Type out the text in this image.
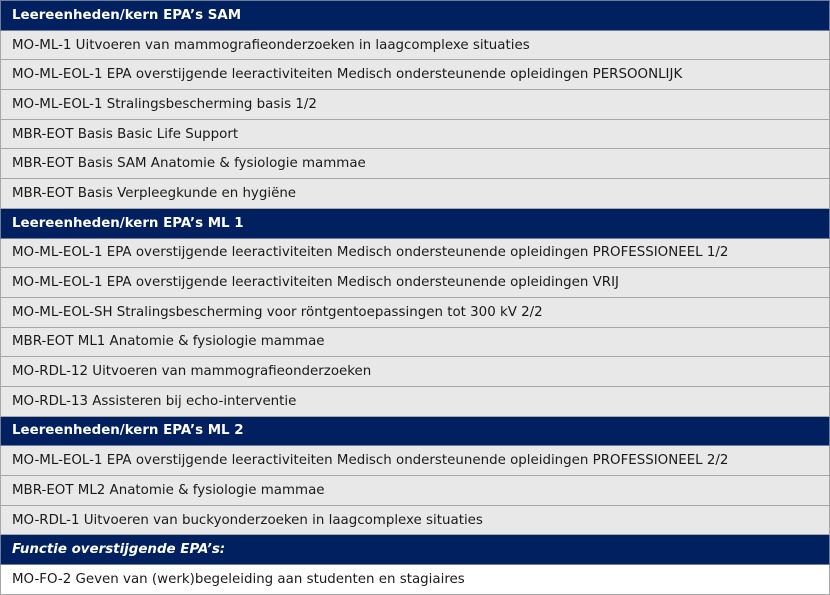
Leereenheden/kern EPA’s SAM
MO-ML-1 Uitvoeren van mammografieonderzoeken in laagcomplexe situaties
MO-ML-EOL-1 EPA overstijgende leeractiviteiten Medisch ondersteunende opleidingen PERSOONLIJK
MO-ML-EOL-1 Stralingsbescherming basis 1/2
MBR-EOT Basis Basic Life Support
MBR-EOT Basis SAM Anatomie & fysiologie mammae
MBR-EOT Basis Verpleegkunde en hygiëne
Leereenheden/kern EPA’s ML 1
MO-ML-EOL-1 EPA overstijgende leeractiviteiten Medisch ondersteunende opleidingen PROFESSIONEEL 1/2
MO-ML-EOL-1 EPA overstijgende leeractiviteiten Medisch ondersteunende opleidingen VRIJ
MO-ML-EOL-SH Stralingsbescherming voor röntgentoepassingen tot 300 kV 2/2
MBR-EOT ML1 Anatomie & fysiologie mammae
MO-RDL-12 Uitvoeren van mammografieonderzoeken
MO-RDL-13 Assisteren bij echo-interventie
Leereenheden/kern EPA’s ML 2
MO-ML-EOL-1 EPA overstijgende leeractiviteiten Medisch ondersteunende opleidingen PROFESSIONEEL 2/2
MBR-EOT ML2 Anatomie & fysiologie mammae
MO-RDL-1 Uitvoeren van buckyonderzoeken in laagcomplexe situaties
Functie overstijgende EPA’s:
MO-FO-2 Geven van (werk)begeleiding aan studenten en stagiaires
